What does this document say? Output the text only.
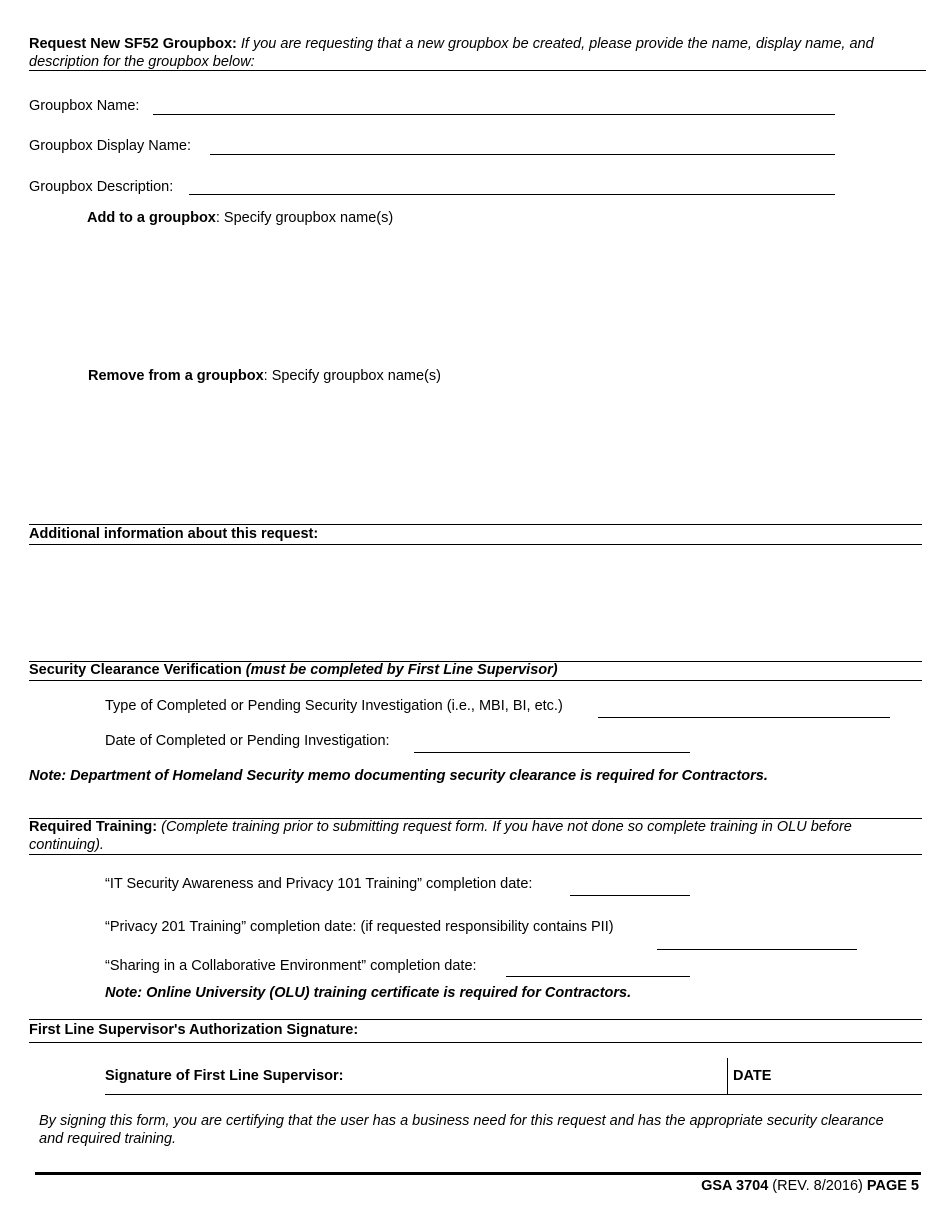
Request New SF52 Groupbox: If you are requesting that a new groupbox be created, please provide the name, display name, and description for the groupbox below:
Groupbox Name:
Groupbox Display Name:
Groupbox Description:
Add to a groupbox: Specify groupbox name(s)
Remove from a groupbox: Specify groupbox name(s)
Additional information about this request:
Security Clearance Verification (must be completed by First Line Supervisor)
Type of Completed or Pending Security Investigation (i.e., MBI, BI, etc.)
Date of Completed or Pending Investigation:
Note: Department of Homeland Security memo documenting security clearance is required for Contractors.
Required Training: (Complete training prior to submitting request form. If you have not done so complete training in OLU before continuing).
“IT Security Awareness and Privacy 101 Training” completion date:
“Privacy 201 Training” completion date: (if requested responsibility contains PII)
“Sharing in a Collaborative Environment” completion date:
Note: Online University (OLU) training certificate is required for Contractors.
First Line Supervisor's Authorization Signature:
Signature of First Line Supervisor:	DATE
By signing this form, you are certifying that the user has a business need for this request and has the appropriate security clearance and required training.
GSA 3704 (REV. 8/2016) PAGE 5
